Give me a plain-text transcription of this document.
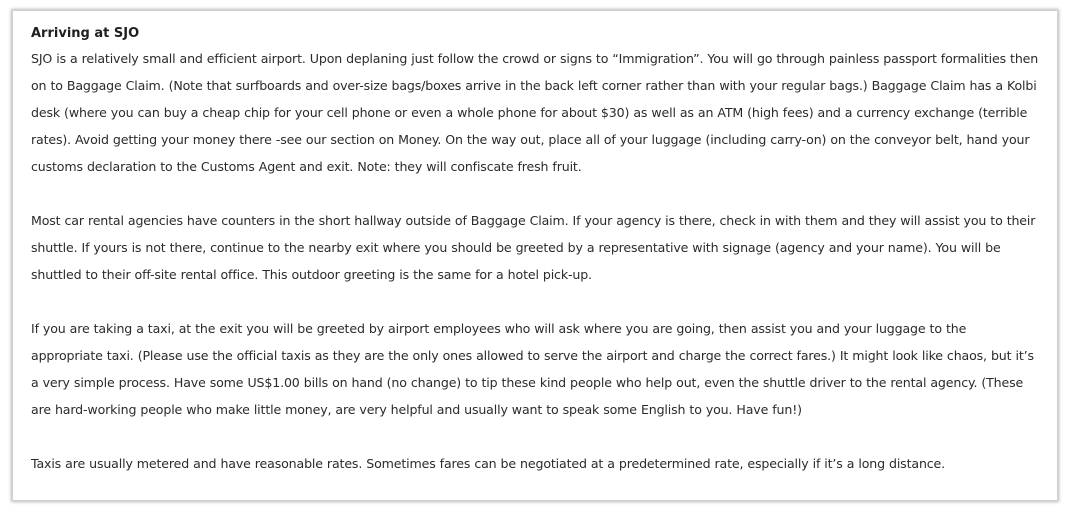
Arriving at SJO

SJO is a relatively small and efficient airport. Upon deplaning just follow the crowd or signs to “Immigration”. You will go through painless passport formalities then on to Baggage Claim. (Note that surfboards and over-size bags/boxes arrive in the back left corner rather than with your regular bags.) Baggage Claim has a Kolbi desk (where you can buy a cheap chip for your cell phone or even a whole phone for about $30) as well as an ATM (high fees) and a currency exchange (terrible rates). Avoid getting your money there -see our section on Money. On the way out, place all of your luggage (including carry-on) on the conveyor belt, hand your customs declaration to the Customs Agent and exit. Note: they will confiscate fresh fruit.

Most car rental agencies have counters in the short hallway outside of Baggage Claim. If your agency is there, check in with them and they will assist you to their shuttle. If yours is not there, continue to the nearby exit where you should be greeted by a representative with signage (agency and your name). You will be shuttled to their off-site rental office. This outdoor greeting is the same for a hotel pick-up.

If you are taking a taxi, at the exit you will be greeted by airport employees who will ask where you are going, then assist you and your luggage to the appropriate taxi. (Please use the official taxis as they are the only ones allowed to serve the airport and charge the correct fares.) It might look like chaos, but it’s a very simple process. Have some US$1.00 bills on hand (no change) to tip these kind people who help out, even the shuttle driver to the rental agency. (These are hard-working people who make little money, are very helpful and usually want to speak some English to you. Have fun!)

Taxis are usually metered and have reasonable rates. Sometimes fares can be negotiated at a predetermined rate, especially if it’s a long distance.
